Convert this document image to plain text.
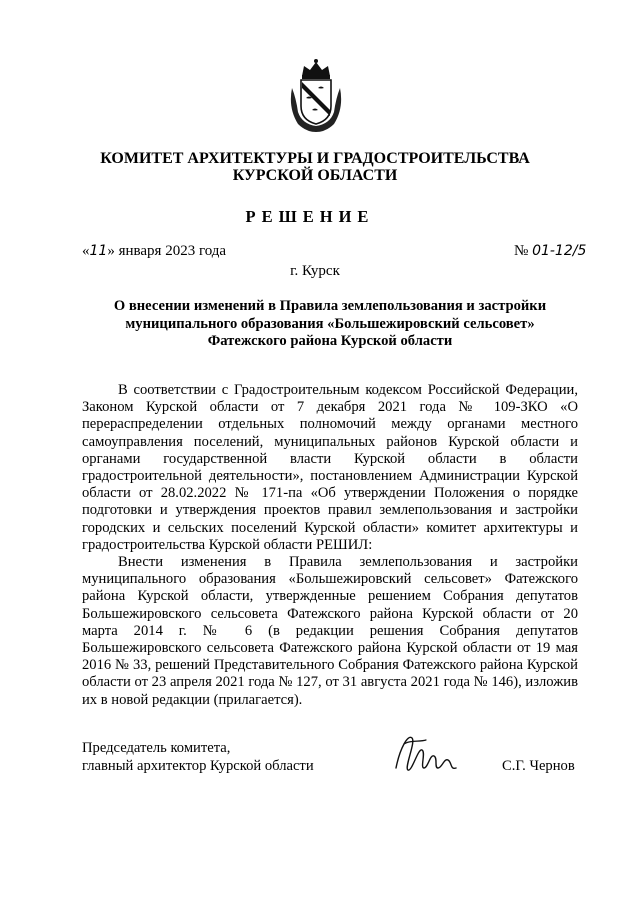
КОМИТЕТ АРХИТЕКТУРЫ И ГРАДОСТРОИТЕЛЬСТВА
КУРСКОЙ ОБЛАСТИ
РЕШЕНИЕ
«11» января 2023 года	№ 01-12/5
г. Курск
О внесении изменений в Правила землепользования и застройки
муниципального образования «Большежировский сельсовет»
Фатежского района Курской области

В соответствии с Градостроительным кодексом Российской Федерации, Законом Курской области от 7 декабря 2021 года № 109-ЗКО «О перераспределении отдельных полномочий между органами местного самоуправления поселений, муниципальных районов Курской области и органами государственной власти Курской области в области градостроительной деятельности», постановлением Администрации Курской области от 28.02.2022 № 171-па «Об утверждении Положения о порядке подготовки и утверждения проектов правил землепользования и застройки городских и сельских поселений Курской области» комитет архитектуры и градостроительства Курской области РЕШИЛ:

Внести изменения в Правила землепользования и застройки муниципального образования «Большежировский сельсовет» Фатежского района Курской области, утвержденные решением Собрания депутатов Большежировского сельсовета Фатежского района Курской области от 20 марта 2014 г. № 6 (в редакции решения Собрания депутатов Большежировского сельсовета Фатежского района Курской области от 19 мая 2016 № 33, решений Представительного Собрания Фатежского района Курской области от 23 апреля 2021 года № 127, от 31 августа 2021 года № 146), изложив их в новой редакции (прилагается).

Председатель комитета,
главный архитектор Курской области	С.Г. Чернов
